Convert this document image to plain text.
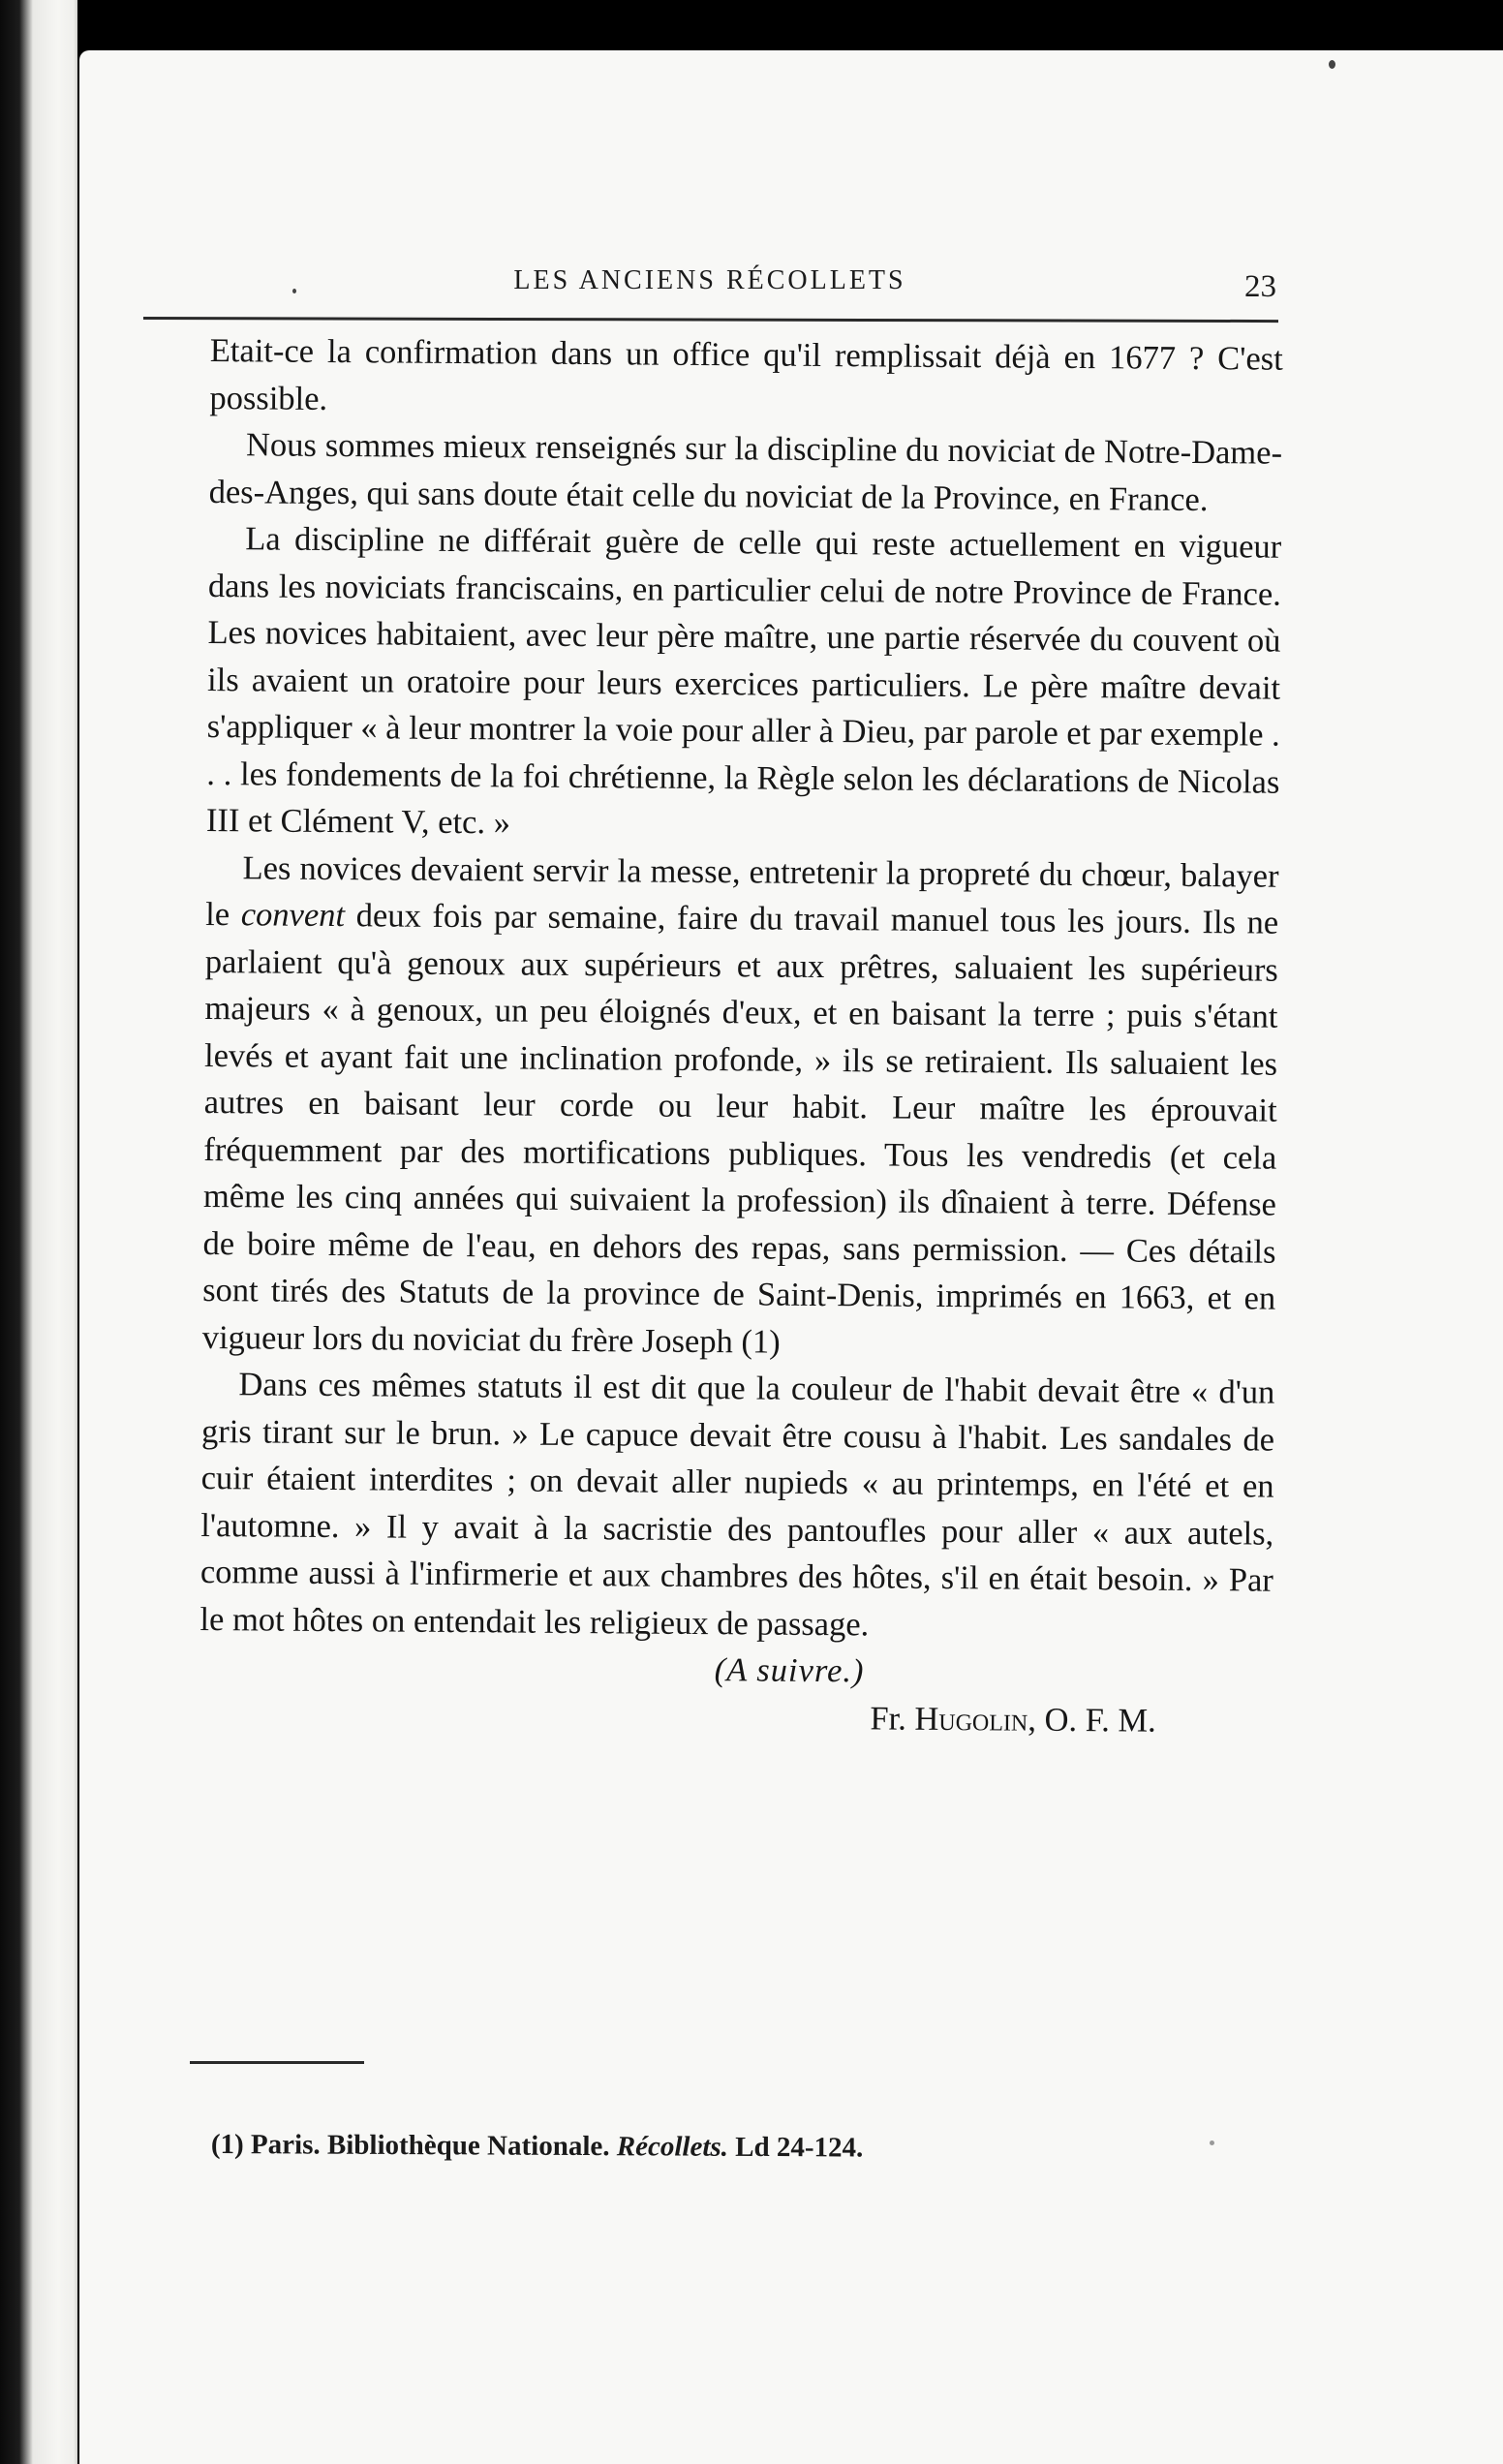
LES ANCIENS RÉCOLLETS	23

Etait-ce la confirmation dans un office qu'il remplissait déjà en 1677 ? C'est possible.

Nous sommes mieux renseignés sur la discipline du noviciat de Notre-Dame-des-Anges, qui sans doute était celle du noviciat de la Province, en France.

La discipline ne différait guère de celle qui reste actuellement en vigueur dans les noviciats franciscains, en particulier celui de notre Province de France. Les novices habitaient, avec leur père maître, une partie réservée du couvent où ils avaient un oratoire pour leurs exercices particuliers. Le père maître devait s'appliquer « à leur montrer la voie pour aller à Dieu, par parole et par exemple . . . les fondements de la foi chrétienne, la Règle selon les déclarations de Nicolas III et Clément V, etc. »

Les novices devaient servir la messe, entretenir la propreté du chœur, balayer le convent deux fois par semaine, faire du travail manuel tous les jours. Ils ne parlaient qu'à genoux aux supérieurs et aux prêtres, saluaient les supérieurs majeurs « à genoux, un peu éloignés d'eux, et en baisant la terre ; puis s'étant levés et ayant fait une inclination profonde, » ils se retiraient. Ils saluaient les autres en baisant leur corde ou leur habit. Leur maître les éprouvait fréquemment par des mortifications publiques. Tous les vendredis (et cela même les cinq années qui suivaient la profession) ils dînaient à terre. Défense de boire même de l'eau, en dehors des repas, sans permission. — Ces détails sont tirés des Statuts de la province de Saint-Denis, imprimés en 1663, et en vigueur lors du noviciat du frère Joseph (1)

Dans ces mêmes statuts il est dit que la couleur de l'habit devait être « d'un gris tirant sur le brun. » Le capuce devait être cousu à l'habit. Les sandales de cuir étaient interdites ; on devait aller nupieds « au printemps, en l'été et en l'automne. » Il y avait à la sacristie des pantoufles pour aller « aux autels, comme aussi à l'infirmerie et aux chambres des hôtes, s'il en était besoin. » Par le mot hôtes on entendait les religieux de passage.

(A suivre.)

Fr. Hugolin, O. F. M.

(1) Paris. Bibliothèque Nationale. Récollets. Ld 24-124.
